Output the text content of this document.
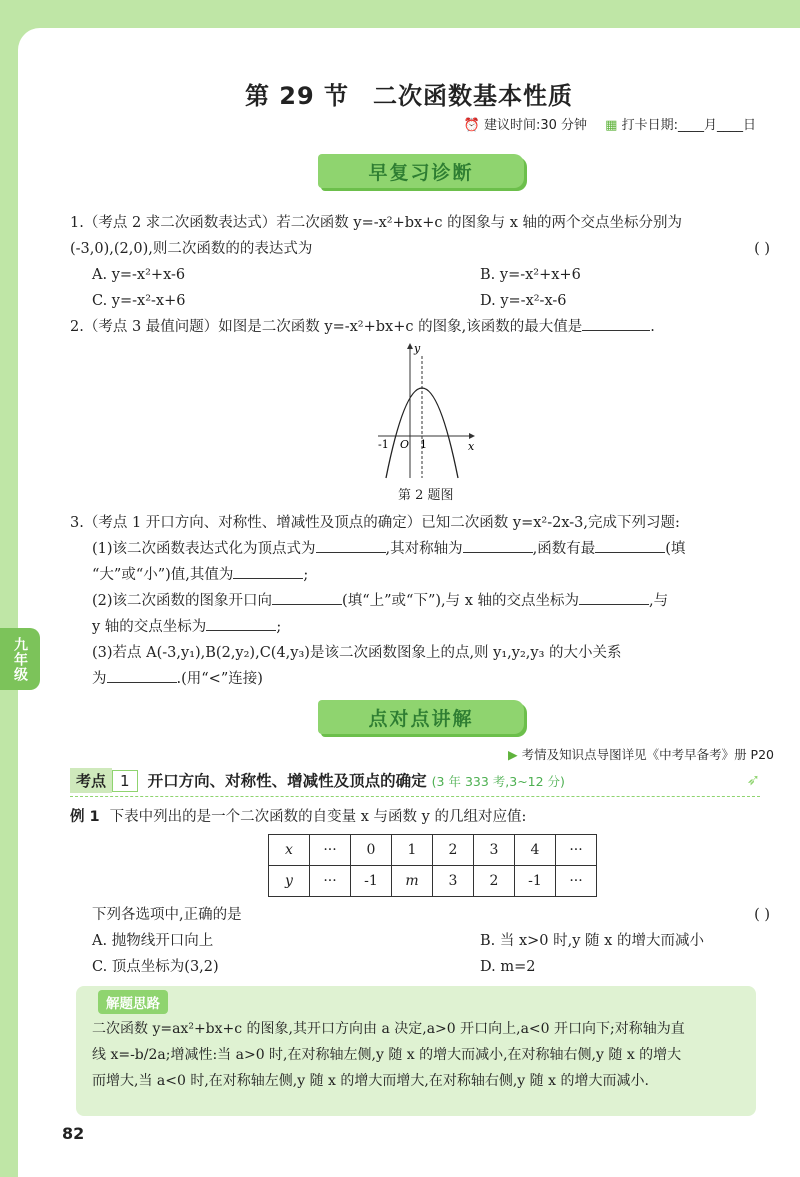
第 29 节 二次函数基本性质
⏰ 建议时间:30 分钟 ▦ 打卡日期:____月____日
早复习诊断
1.（考点 2 求二次函数表达式）若二次函数 y=-x²+bx+c 的图象与 x 轴的两个交点坐标分别为
(-3,0),(2,0),则二次函数的的表达式为	( )
A. y=-x²+x-6	B. y=-x²+x+6
C. y=-x²-x+6	D. y=-x²-x-6
2.（考点 3 最值问题）如图是二次函数 y=-x²+bx+c 的图象,该函数的最大值是	.
x
y
O
-1	1
第 2 题图
3.（考点 1 开口方向、对称性、增减性及顶点的确定）已知二次函数 y=x²-2x-3,完成下列习题:
(1)该二次函数表达式化为顶点式为	,其对称轴为	,函数有最	(填
“大”或“小”)值,其值为	;
(2)该二次函数的图象开口向	(填“上”或“下”),与 x 轴的交点坐标为	,与
y 轴的交点坐标为	;
(3)若点 A(-3,y₁),B(2,y₂),C(4,y₃)是该二次函数图象上的点,则 y₁,y₂,y₃ 的大小关系
为	.(用“<”连接)
九年级
点对点讲解
▶ 考情及知识点导图详见《中考早备考》册 P20
考点 1 开口方向、对称性、增减性及顶点的确定 (3 年 333 考,3~12 分)	➶
例 1 下表中列出的是一个二次函数的自变量 x 与函数 y 的几组对应值:
x	···	0	1	2	3	4	···
y	···	-1	m	3	2	-1	···
下列各选项中,正确的是	( )
A. 抛物线开口向上	B. 当 x>0 时,y 随 x 的增大而减小
C. 顶点坐标为(3,2)	D. m=2
解题思路
二次函数 y=ax²+bx+c 的图象,其开口方向由 a 决定,a>0 开口向上,a<0 开口向下;对称轴为直
线 x=-b/2a;增减性:当 a>0 时,在对称轴左侧,y 随 x 的增大而减小,在对称轴右侧,y 随 x 的增大
而增大,当 a<0 时,在对称轴左侧,y 随 x 的增大而增大,在对称轴右侧,y 随 x 的增大而减小.
82
